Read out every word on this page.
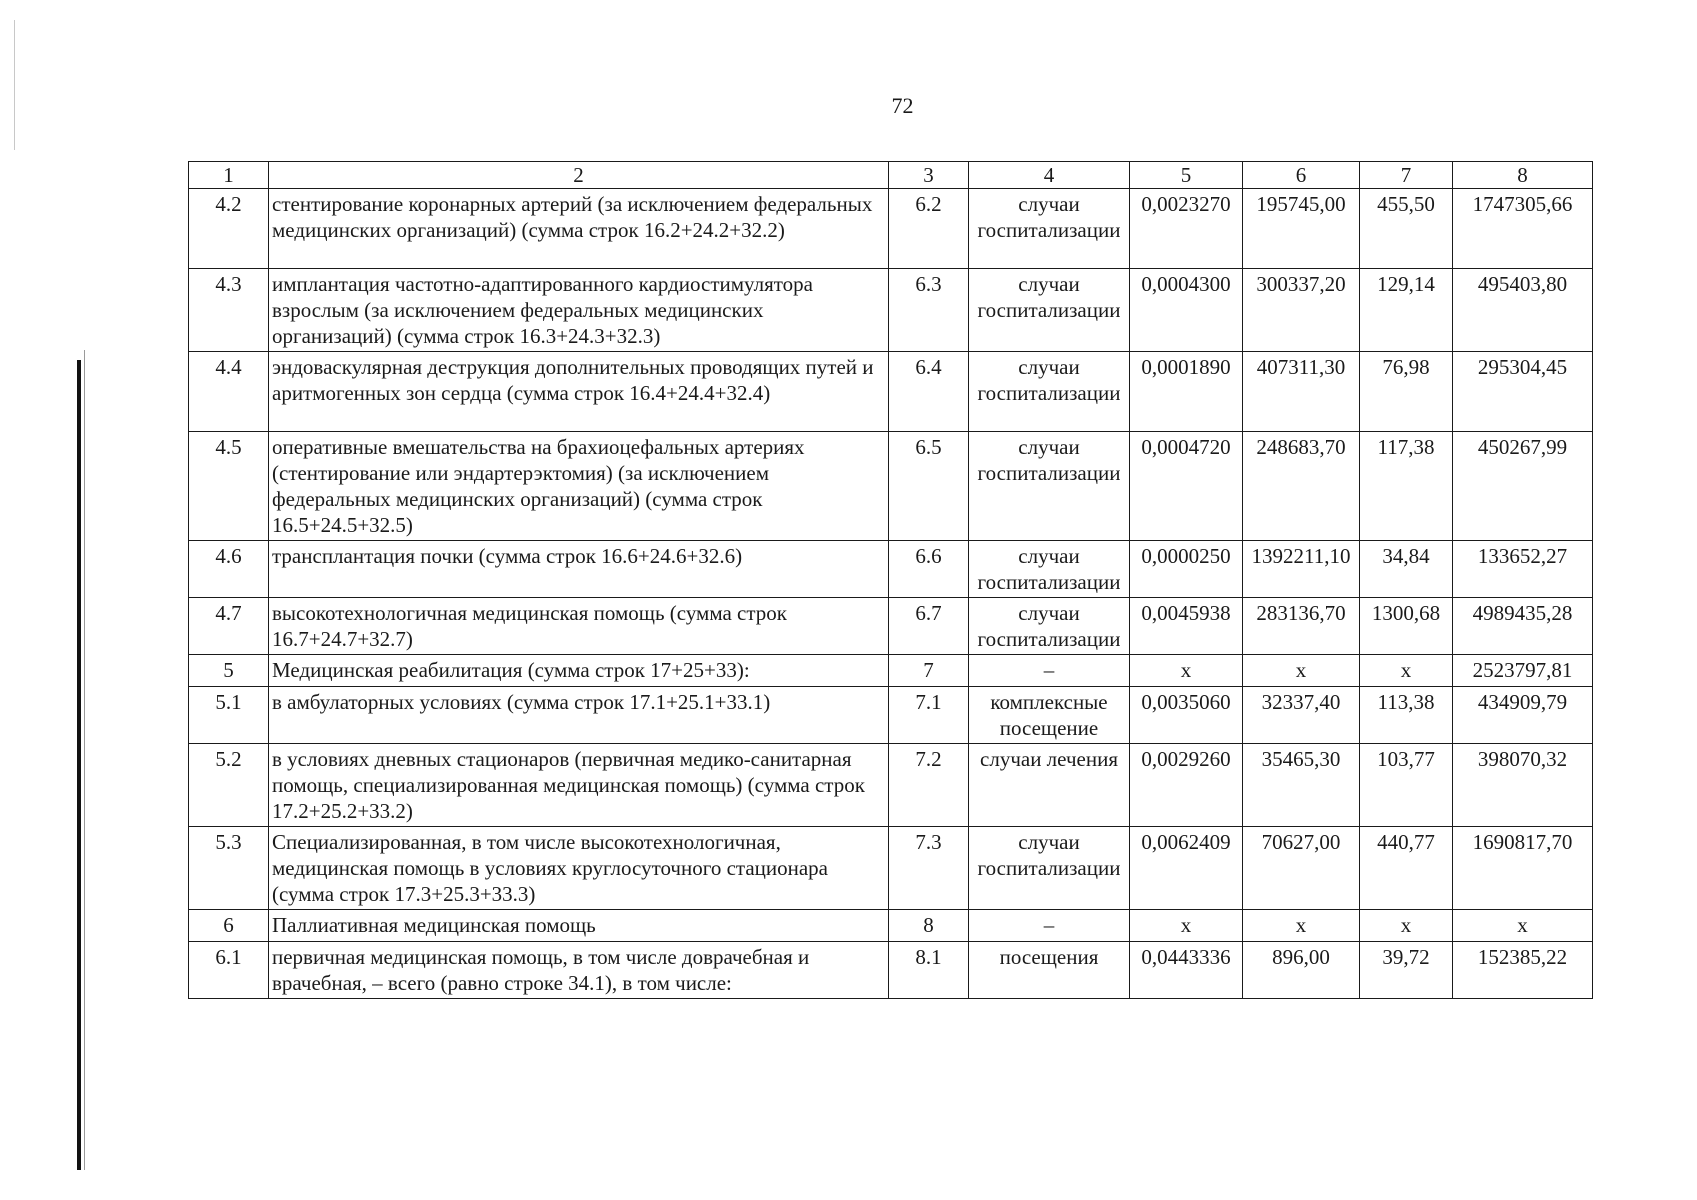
72
1	2	3	4	5	6	7	8
4.2	стентирование коронарных артерий (за исключением федеральных медицинских организаций) (сумма строк 16.2+24.2+32.2)	6.2	случаи госпитализации	0,0023270	195745,00	455,50	1747305,66
4.3	имплантация частотно-адаптированного кардиостимулятора взрослым (за исключением федеральных медицинских организаций) (сумма строк 16.3+24.3+32.3)	6.3	случаи госпитализации	0,0004300	300337,20	129,14	495403,80
4.4	эндоваскулярная деструкция дополнительных проводящих путей и аритмогенных зон сердца (сумма строк 16.4+24.4+32.4)	6.4	случаи госпитализации	0,0001890	407311,30	76,98	295304,45
4.5	оперативные вмешательства на брахиоцефальных артериях (стентирование или эндартерэктомия) (за исключением федеральных медицинских организаций) (сумма строк 16.5+24.5+32.5)	6.5	случаи госпитализации	0,0004720	248683,70	117,38	450267,99
4.6	трансплантация почки (сумма строк 16.6+24.6+32.6)	6.6	случаи госпитализации	0,0000250	1392211,10	34,84	133652,27
4.7	высокотехнологичная медицинская помощь (сумма строк 16.7+24.7+32.7)	6.7	случаи госпитализации	0,0045938	283136,70	1300,68	4989435,28
5	Медицинская реабилитация (сумма строк 17+25+33):	7	–	x	x	x	2523797,81
5.1	в амбулаторных условиях (сумма строк 17.1+25.1+33.1)	7.1	комплексные посещение	0,0035060	32337,40	113,38	434909,79
5.2	в условиях дневных стационаров (первичная медико-санитарная помощь, специализированная медицинская помощь) (сумма строк 17.2+25.2+33.2)	7.2	случаи лечения	0,0029260	35465,30	103,77	398070,32
5.3	Специализированная, в том числе высокотехнологичная, медицинская помощь в условиях круглосуточного стационара (сумма строк 17.3+25.3+33.3)	7.3	случаи госпитализации	0,0062409	70627,00	440,77	1690817,70
6	Паллиативная медицинская помощь	8	–	x	x	x	x
6.1	первичная медицинская помощь, в том числе доврачебная и врачебная, – всего (равно строке 34.1), в том числе:	8.1	посещения	0,0443336	896,00	39,72	152385,22
